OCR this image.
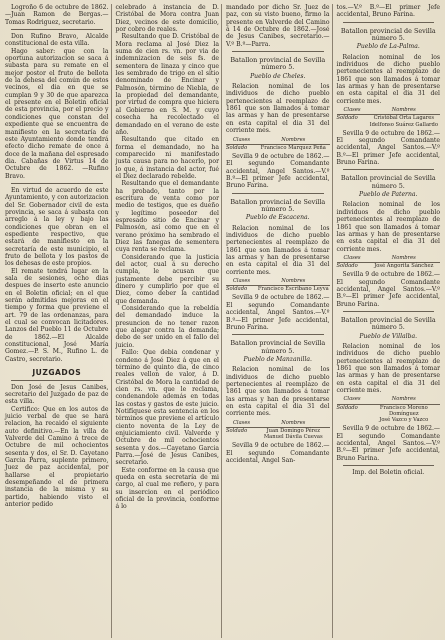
Logroño 6 de octubre de 1862.—Juan Ramon de Bergas.—Tomas Rodriguez, secretario.

Don Rufino Bravo, Alcalde constitucional de esta villa.

Hago saber: que con la oportuna autorizacion se saca á subasta para su remate en el mejor postor el fruto de bellota de la dehesa del común de estos vecinos, el dia en que se cumplan 9 y 30 de que aparezca el presente en el Boletin oficial de esta provincia, por el precio y condiciones que constan del expediente que se encuentra de manifiesto en la secretaría de este Ayuntamiento donde tendrá efecto dicho remate de once á doce de la mañana del espresado dia. Cabañas de Virtus 14 de Octubre de 1862. —Rufino Bravo.

En virtud de acuerdo de este Ayuntamiento, y con autorizacion del Sr. Gobernador civil de esta provincia, se saca á subasta con arreglo á la ley y bajo las condiciones que obran en el espediente respectivo, que estará de manifiesto en la secretaría de este municipio, el fruto de bellota y los pastos de los dehesas de este propios.

El remate tendrá lugar en la sala de sesiones, ocho dias despues de inserto este anuncio en el Boletin oficial; en el que serán admitidas mejoras en el tiempo y forma que previene el art. 79 de las ordenanzas, para el cual se convocan licitadores. Lanzos del Pueblo 11 de Octubre de 1862.—El Alcalde constitucional, José María Gomez.—P. S. M., Rufino L. de Castro, secretario.

JUZGADOS

Don José de Jesus Canibes, secretario del Juzgado de paz de esta villa.

Certifico: Que en los autos de juicio verbal de que se hará relacion, ha recaido el siguiente auto definitivo.—En la villa de Valverde del Camino á trece de Octubre de mil ochocientos sesenta y dos, el Sr. D. Cayetano Garcia Parra, suplente primero, Juez de paz accidental, por hallarse el propietario desempeñando el de primera instancia de la misma y su partido, habiendo visto el anterior pedido

celebrado á instancia de D. Cristóbal de Mora contra Juan Diez, vecinos de este domicilio, por cobro de reales.

Resultando que D. Cristóbal de Mora reclama al José Diez la suma de cien rs. vn. por via de indemnizacion de seis fs. de sementera de linaza y cinco que les sembrado de trigo en el sitio denominado de Encinar y Palmosón, término de Niebla, de la propiedad del demandante, por virtud de compra que hiciera al Gobierno en S. M. y cuyo cosecha ha recolectado el demandado en el verano de este año.

Resultando que citado en forma el demandado, no ha comparecido ni manifestado justa causa para no hacerlo, por lo que, á instancia del actor, fué el Diez declarado rebelde.

Resultando que el demandante ha probado, tanto por la escritura de venta como por medio de testigos, que es dueño y legítimo poseedor del espresado sitio de Encinar y Palmosón, así como que en el verano próximo ha sembrado el Diez las fanegas de sementera cuya renta se reclama.

Considerando que la justicia del actor, cual á su derecho cumpla, le acusan que justamente debe percibir su dinero y cumplirlo por que el Diez, como deber la cantidad que demanda.

Considerando que la rebeldía del demandado induce la presuncion de no tener razon que alegar contra la demanda; debo de ser unido en el fallo del juicio.

Fallo: Que debia condenar y condeno á José Diez á que en el término de quinto dia, de cinco reales vellon de valor, á D. Cristóbal de Mora la cantidad de cien rs. vn. que le reclama, condenandole además en todas las costas y gastos de este juicio. Notifíquese esta sentencia en los términos que previene el artículo ciento noventa de la Ley de enjuiciamiento civil. Valverde y Octubre de mil ochocientos sesenta y dos.—Cayetano Garcia Parra.—José de Jesus Canibes, secretario.

Este conforme en la causa que queda en esta secretaría de mi cargo, al cual me refiero, y para su insercion en el periódico oficial de la provincia, conforme á lo

mandado por dicho Sr. Juez de paz, con su visto bueno, firmo la presente en Valverde del Camino á 14 de Octubre de 1862.—José de Jesus Canibes, secretario.—V.º B.º—Parra.

Batallon provincial de Sevilla número 5.
Pueblo de Cheles.

Relacion nominal de los individuos de dicho pueblo pertenecientes al reemplazo de 1861 que son llamados á tomar las armas y han de presentarse en esta capital el dia 31 del corriente mes.

Clases	Nombres
Soldado	Francisco Marquez Peña

Sevilla 9 de octubre de 1862.—El segundo Comandante accidental, Angel Santos.—V.º B.º—El primer Jefe accidental, Bruno Farina.

Batallon provincial de Sevilla número 5.
Pueblo de Escacena.

Relacion nominal de los individuos de dicho pueblo pertenecientes al reemplazo de 1861 que son llamados á tomar las armas y han de presentarse en esta capital el dia 31 del corriente mes.

Clases	Nombres
Soldado	Francisco Escribano Leyva

Sevilla 9 de octubre de 1862.—El segundo Comandante accidental, Angel Santos.—V.º B.º—El primer Jefe accidental, Bruno Farina.

Batallon provincial de Sevilla número 5.
Pueblo de Manzanilla.

Relacion nominal de los individuos de dicho pueblo pertenecientes al reemplazo de 1861 que son llamados á tomar las armas y han de presentarse en esta capital el dia 31 del corriente mes.

Clases	Nombres
Soldado	Juan Domingo Pérez
	Manuel Dávila Cuevas

Sevilla 9 de octubre de 1862.—El segundo Comandante accidental, Angel San-

tos.—V.º B.º—El primer Jefe accidental, Bruno Farina.

Batallon provincial de Sevilla número 5.
Pueblo de La-Palma.

Relacion nominal de los individuos de dicho pueblo pertenecientes al reemplazo de 1861 que son llamados á tomar las armas y han de presentarse en esta capital el dia 31 del corriente mes.

Clases	Nombres
Soldado	Cristóbal Orta Lagares
	Idelfonso Suárez Gallardo

Sevilla 9 de octubre de 1862.—El segundo Comandante accidental, Angel Santos.—V.º B.º—El primer Jefe accidental, Bruno Farina.

Batallon provincial de Sevilla número 5.
Pueblo de Paterna.

Relacion nominal de los individuos de dicho pueblo pertenecientes al reemplazo de 1861 que son llamados á tomar las armas y han de presentarse en esta capital el dia 31 del corriente mes.

Clases	Nombres
Soldado	José Angorita Sánchez

Sevilla 9 de octubre de 1862.—El segundo Comandante accidental, Angel Santos.—V.º B.º—El primer Jefe accidental, Bruno Farina.

Batallon provincial de Sevilla número 5.
Pueblo de Villalba.

Relacion nominal de los individuos de dicho pueblo pertenecientes al reemplazo de 1861 que son llamados á tomar las armas y han de presentarse en esta capital el dia 31 del corriente mes.

Clases	Nombres
Soldado	Francisco Moreno Domínguez
	José Vazco y Vazco

Sevilla 9 de octubre de 1862.—El segundo Comandante accidental, Angel Santos.—V.º B.º—El primer Jefe accidental, Bruno Farina.

Imp. del Boletin oficial.
